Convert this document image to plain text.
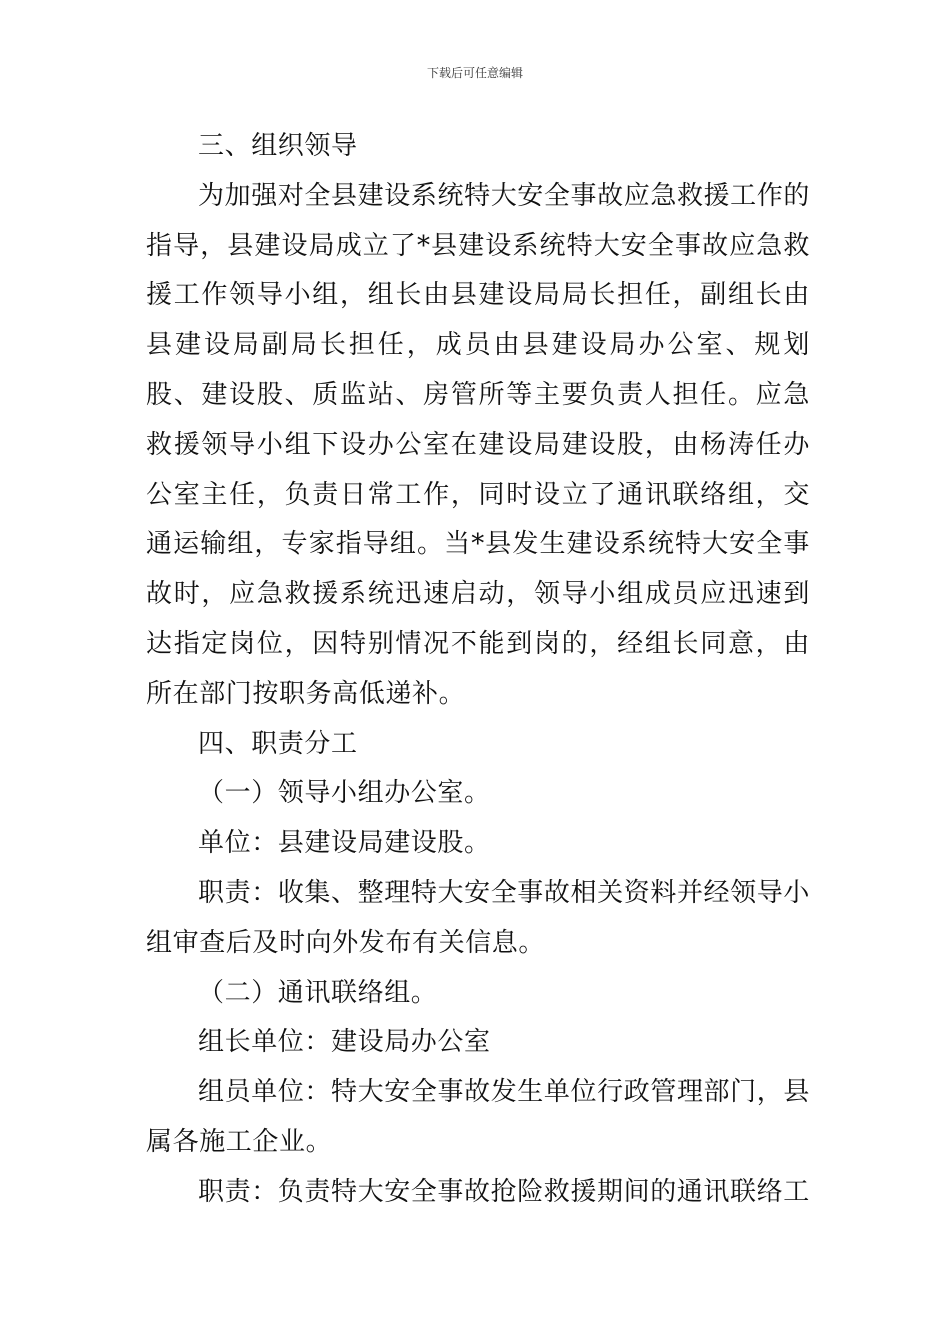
下载后可任意编辑

三、组织领导

为加强对全县建设系统特大安全事故应急救援工作的指导，县建设局成立了*县建设系统特大安全事故应急救援工作领导小组，组长由县建设局局长担任，副组长由县建设局副局长担任，成员由县建设局办公室、规划股、建设股、质监站、房管所等主要负责人担任。应急救援领导小组下设办公室在建设局建设股，由杨涛任办公室主任，负责日常工作，同时设立了通讯联络组，交通运输组，专家指导组。当*县发生建设系统特大安全事故时，应急救援系统迅速启动，领导小组成员应迅速到达指定岗位，因特别情况不能到岗的，经组长同意，由所在部门按职务高低递补。

四、职责分工

（一）领导小组办公室。

单位：县建设局建设股。

职责：收集、整理特大安全事故相关资料并经领导小组审查后及时向外发布有关信息。

（二）通讯联络组。

组长单位：建设局办公室

组员单位：特大安全事故发生单位行政管理部门，县属各施工企业。

职责：负责特大安全事故抢险救援期间的通讯联络工
